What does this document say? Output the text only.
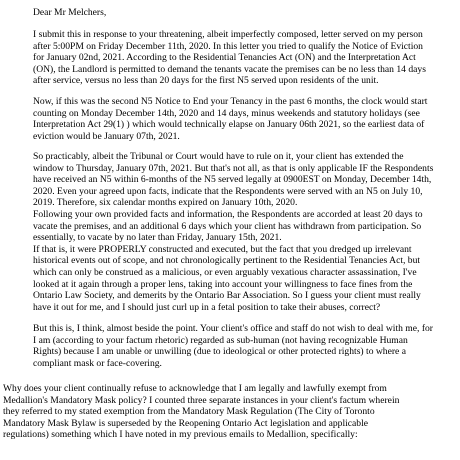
Dear Mr Melchers,

I submit this in response to your threatening, albeit imperfectly composed, letter served on my person
after 5:00PM on Friday December 11th, 2020. In this letter you tried to qualify the Notice of Eviction
for January 02nd, 2021. According to the Residential Tenancies Act (ON) and the Interpretation Act
(ON), the Landlord is permitted to demand the tenants vacate the premises can be no less than 14 days
after service, versus no less than 20 days for the first N5 served upon residents of the unit.

Now, if this was the second N5 Notice to End your Tenancy in the past 6 months, the clock would start
counting on Monday December 14th, 2020 and 14 days, minus weekends and statutory holidays (see
Interpretation Act 29(1) ) which would technically elapse on January 06th 2021, so the earliest data of
eviction would be January 07th, 2021.

So practicably, albeit the Tribunal or Court would have to rule on it, your client has extended the
window to Thursday, January 07th, 2021. But that's not all, as that is only applicable IF the Respondents
have received an N5 within 6-months of the N5 served legally at 0900EST on Monday, December 14th,
2020. Even your agreed upon facts, indicate that the Respondents were served with an N5 on July 10,
2019. Therefore, six calendar months expired on January 10th, 2020.
Following your own provided facts and information, the Respondents are accorded at least 20 days to
vacate the premises, and an additional 6 days which your client has withdrawn from participation. So
essentially, to vacate by no later than Friday, January 15th, 2021.
If that is, it were PROPERLY constructed and executed, but the fact that you dredged up irrelevant
historical events out of scope, and not chronologically pertinent to the Residential Tenancies Act, but
which can only be construed as a malicious, or even arguably vexatious character assassination, I've
looked at it again through a proper lens, taking into account your willingness to face fines from the
Ontario Law Society, and demerits by the Ontario Bar Association. So I guess your client must really
have it out for me, and I should just curl up in a fetal position to take their abuses, correct?

But this is, I think, almost beside the point. Your client's office and staff do not wish to deal with me, for
I am (according to your factum rhetoric) regarded as sub-human (not having recognizable Human
Rights) because I am unable or unwilling (due to ideological or other protected rights) to where a
compliant mask or face-covering.

Why does your client continually refuse to acknowledge that I am legally and lawfully exempt from
Medallion's Mandatory Mask policy? I counted three separate instances in your client's factum wherein
they referred to my stated exemption from the Mandatory Mask Regulation (The City of Toronto
Mandatory Mask Bylaw is superseded by the Reopening Ontario Act legislation and applicable
regulations) something which I have noted in my previous emails to Medallion, specifically:
